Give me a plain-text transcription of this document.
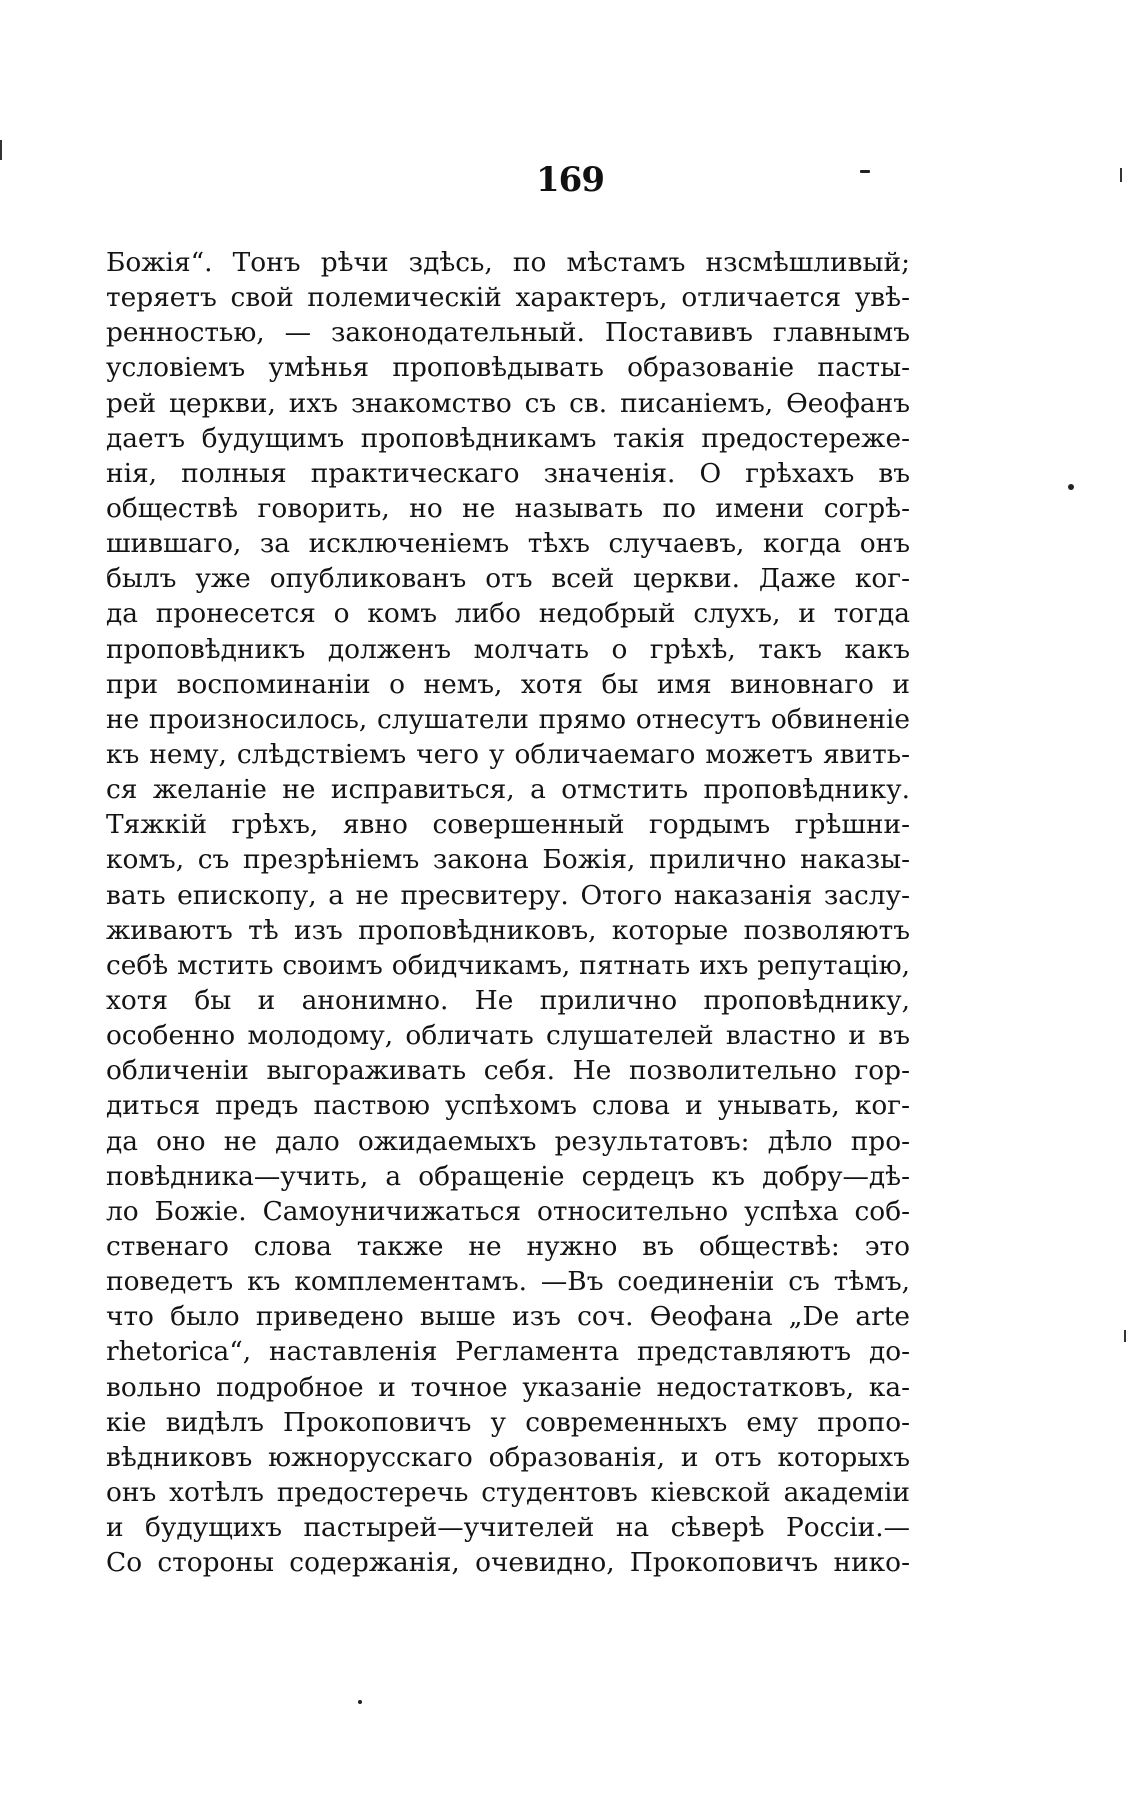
169
Божія“. Тонъ рѣчи здѣсь, по мѣстамъ нзсмѣшливый;
теряетъ свой полемическій характеръ, отличается увѣ-
ренностью, — законодательный. Поставивъ главнымъ
условіемъ умѣнья проповѣдывать образованіе пасты-
рей церкви, ихъ знакомство съ св. писаніемъ, Ѳеофанъ
даетъ будущимъ проповѣдникамъ такія предостереже-
нія, полныя практическаго значенія. О грѣхахъ въ
обществѣ говорить, но не называть по имени согрѣ-
шившаго, за исключеніемъ тѣхъ случаевъ, когда онъ
былъ уже опубликованъ отъ всей церкви. Даже ког-
да пронесется о комъ либо недобрый слухъ, и тогда
проповѣдникъ долженъ молчать о грѣхѣ, такъ какъ
при воспоминаніи о немъ, хотя бы имя виновнаго и
не произносилось, слушатели прямо отнесутъ обвиненіе
къ нему, слѣдствіемъ чего у обличаемаго можетъ явить-
ся желаніе не исправиться, а отмстить проповѣднику.
Тяжкій грѣхъ, явно совершенный гордымъ грѣшни-
комъ, съ презрѣніемъ закона Божія, прилично наказы-
вать епископу, а не пресвитеру. Отого наказанія заслу-
живаютъ тѣ изъ проповѣдниковъ, которые позволяютъ
себѣ мстить своимъ обидчикамъ, пятнать ихъ репутацію,
хотя бы и анонимно. Не прилично проповѣднику,
особенно молодому, обличать слушателей властно и въ
обличеніи выгораживать себя. Не позволительно гор-
диться предъ паствою успѣхомъ слова и унывать, ког-
да оно не дало ожидаемыхъ результатовъ: дѣло про-
повѣдника—учить, а обращеніе сердецъ къ добру—дѣ-
ло Божіе. Самоуничижаться относительно успѣха соб-
ственаго слова также не нужно въ обществѣ: это
поведетъ къ комплементамъ. —Въ соединеніи съ тѣмъ,
что было приведено выше изъ соч. Ѳеофана „De arte
rhetorica“, наставленія Регламента представляютъ до-
вольно подробное и точное указаніе недостатковъ, ка-
кіе видѣлъ Прокоповичъ у современныхъ ему пропо-
вѣдниковъ южнорусскаго образованія, и отъ которыхъ
онъ хотѣлъ предостеречь студентовъ кіевской академіи
и будущихъ пастырей—учителей на сѣверѣ Россіи.—
Со стороны содержанія, очевидно, Прокоповичъ нико-
